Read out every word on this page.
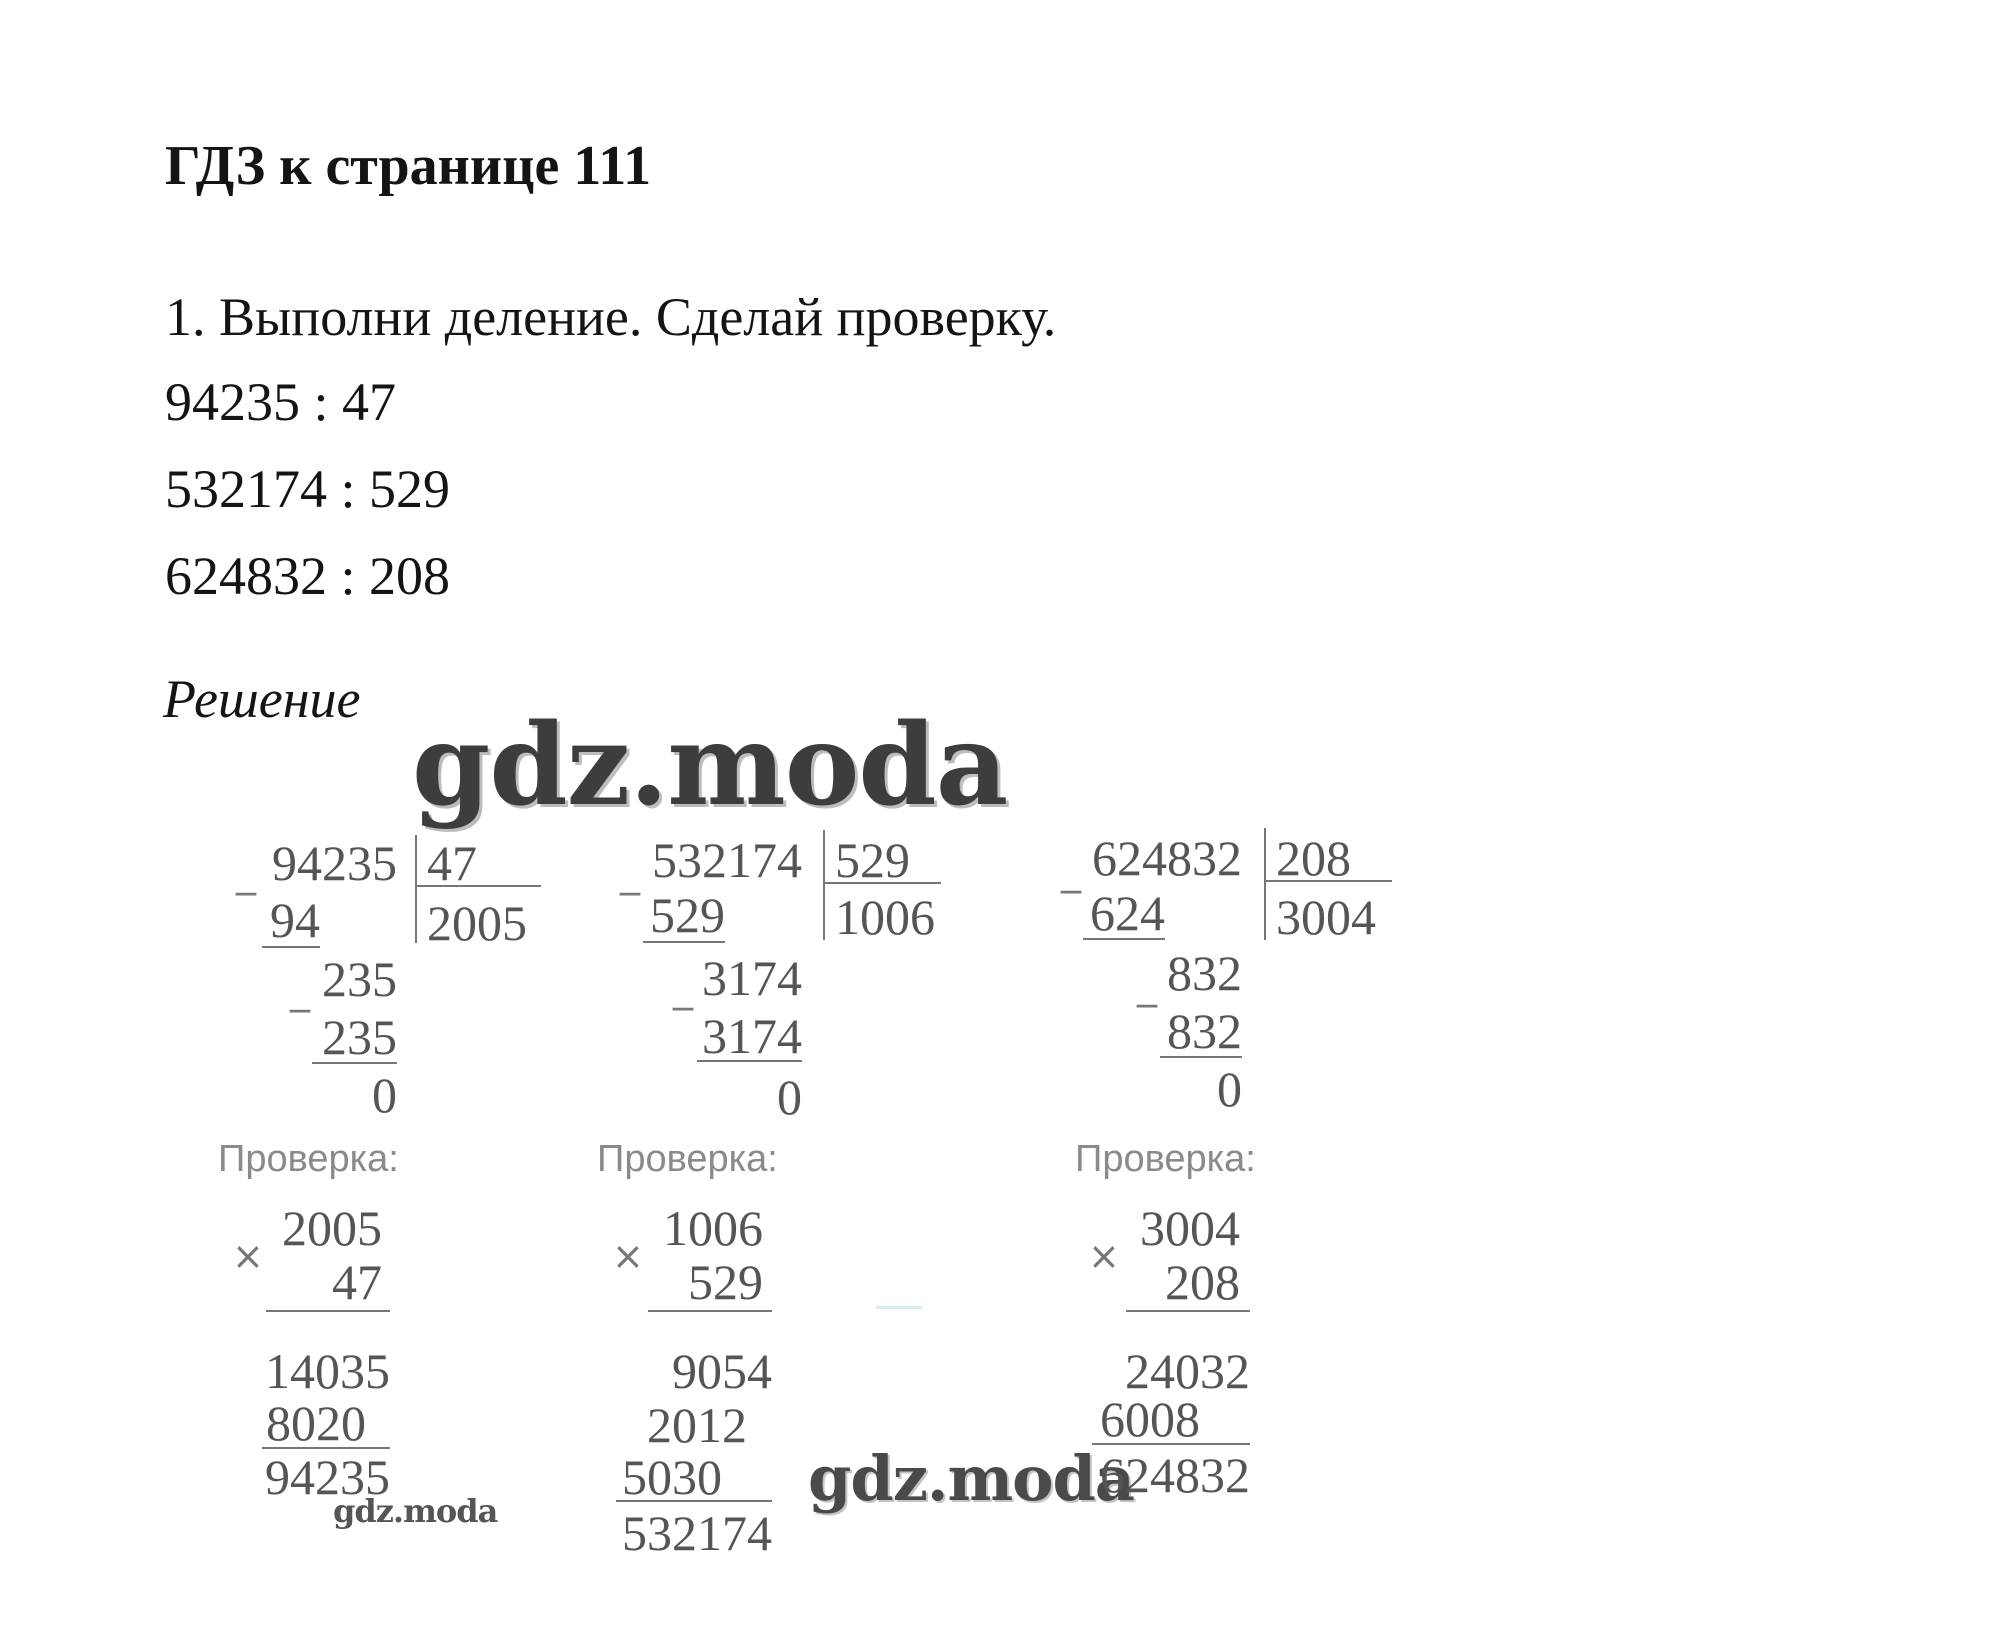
ГДЗ к странице 111
1. Выполни деление. Сделай проверку.
94235 : 47
532174 : 529
624832 : 208
Решение
gdz.moda
gdz.moda
gdz.moda
_ 94235 47
2005
94
_ 235
235
0
_ 532174 529
1006
529
_ 3174
3174
0
_ 624832 208
3004
624
_ 832
832
0
Проверка:	Проверка:	Проверка:
× 2005
47
14035
8020
94235
× 1006
529
9054
2012
5030
532174
× 3004
208
24032
6008
624832
